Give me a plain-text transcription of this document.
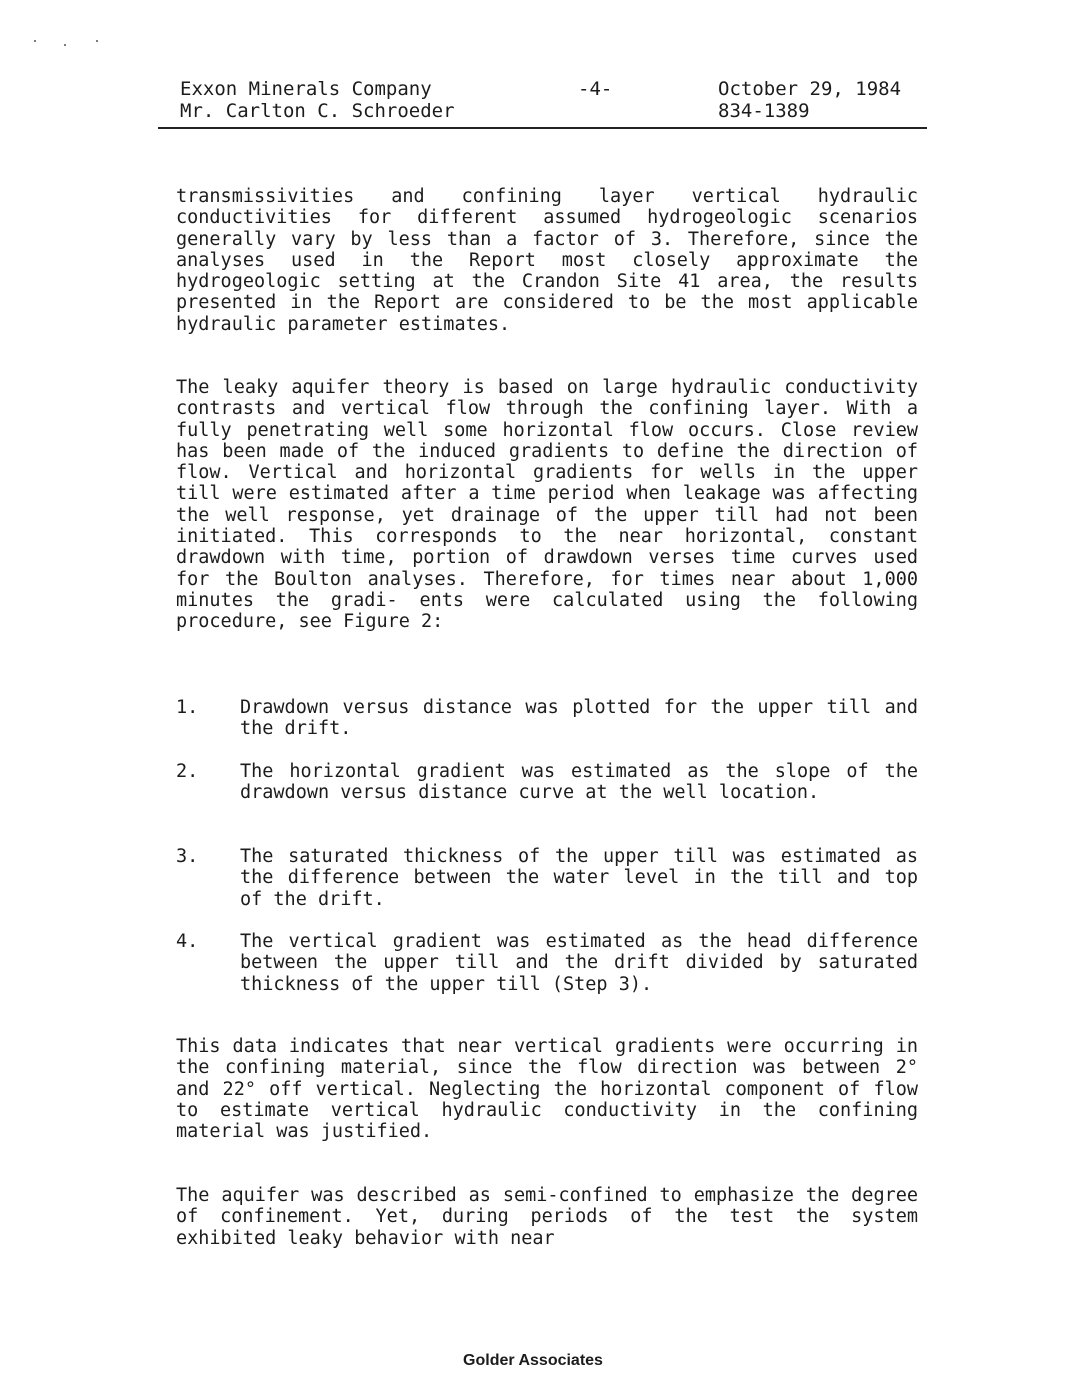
Exxon Minerals Company
Mr. Carlton C. Schroeder
-4-	October 29, 1984
834-1389
transmissivities and confining layer vertical hydraulic conductivities for different assumed hydrogeologic scenarios generally vary by less than a factor of 3. Therefore, since the analyses used in the Report most closely approximate the hydrogeologic setting at the Crandon Site 41 area, the results presented in the Report are considered to be the most applicable hydraulic parameter estimates.
The leaky aquifer theory is based on large hydraulic conductivity contrasts and vertical flow through the confining layer. With a fully penetrating well some horizontal flow occurs. Close review has been made of the induced gradients to define the direction of flow. Vertical and horizontal gradients for wells in the upper till were estimated after a time period when leakage was affecting the well response, yet drainage of the upper till had not been initiated. This corresponds to the near horizontal, constant drawdown with time, portion of drawdown verses time curves used for the Boulton analyses. Therefore, for times near about 1,000 minutes the gradi- ents were calculated using the following procedure, see Figure 2:
1. Drawdown versus distance was plotted for the upper till and the drift.
2. The horizontal gradient was estimated as the slope of the drawdown versus distance curve at the well location.
3. The saturated thickness of the upper till was estimated as the difference between the water level in the till and top of the drift.
4. The vertical gradient was estimated as the head difference between the upper till and the drift divided by saturated thickness of the upper till (Step 3).
This data indicates that near vertical gradients were occurring in the confining material, since the flow direction was between 2° and 22° off vertical. Neglecting the horizontal component of flow to estimate vertical hydraulic conductivity in the confining material was justified.
The aquifer was described as semi-confined to emphasize the degree of confinement. Yet, during periods of the test the system exhibited leaky behavior with near
Golder Associates
